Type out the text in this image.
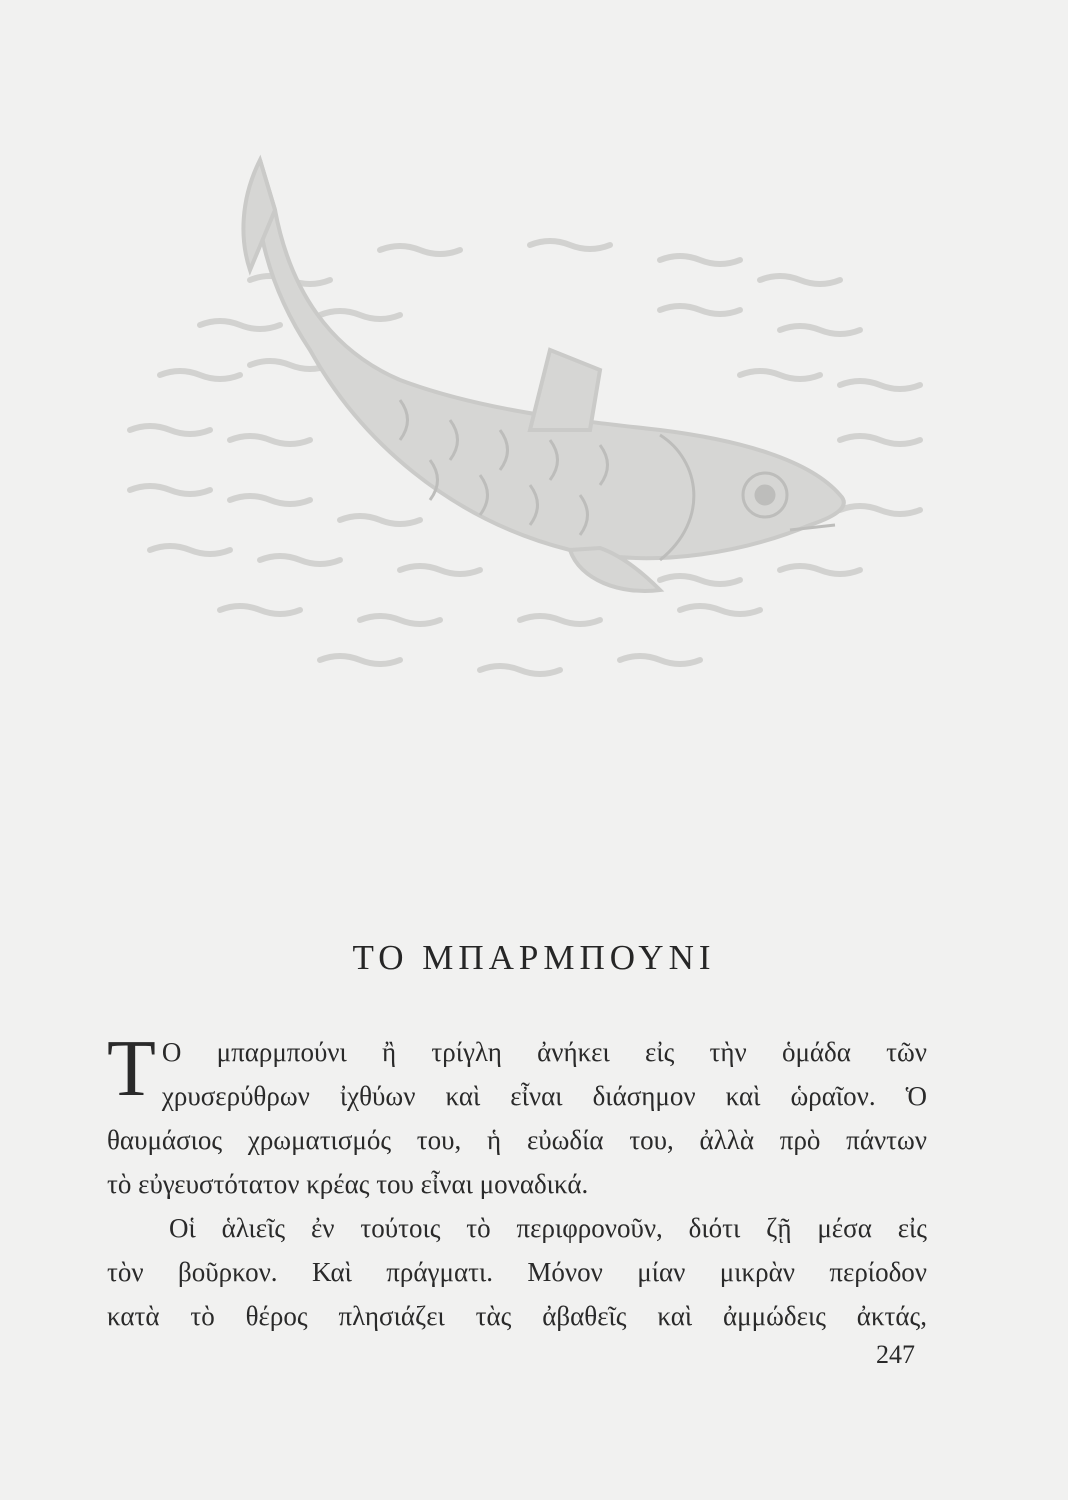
ΤΟ ΜΠΑΡΜΠΟΥΝΙ
Τ Ο μπαρμπούνι ἢ τρίγλη ἀνήκει εἰς τὴν ὁμάδα τῶν
χρυσερύθρων ἰχθύων καὶ εἶναι διάσημον καὶ ὡραῖον. Ὁ
θαυμάσιος χρωματισμός του, ἡ εὐωδία του, ἀλλὰ πρὸ πάντων
τὸ εὐγευστότατον κρέας του εἶναι μοναδικά.
Οἱ ἁλιεῖς ἐν τούτοις τὸ περιφρονοῦν, διότι ζῇ μέσα εἰς
τὸν βοῦρκον. Καὶ πράγματι. Μόνον μίαν μικρὰν περίοδον
κατὰ τὸ θέρος πλησιάζει τὰς ἀβαθεῖς καὶ ἀμμώδεις ἀκτάς,
247
